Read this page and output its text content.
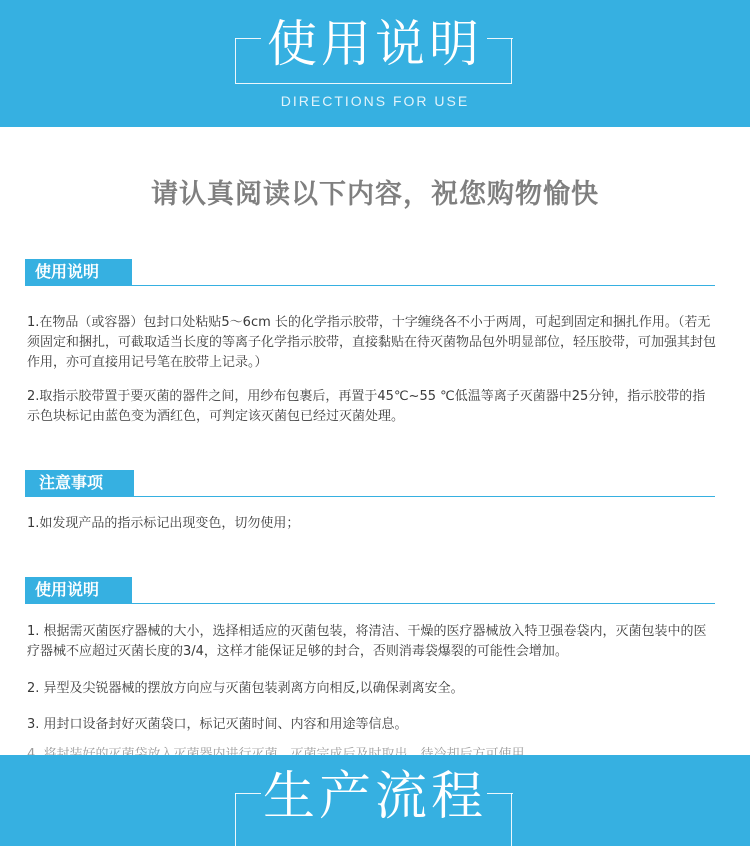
使用说明
DIRECTIONS FOR USE
请认真阅读以下内容，祝您购物愉快
使用说明

1.在物品（或容器）包封口处粘贴5～6cm 长的化学指示胶带，十字缠绕各不小于两周，可起到固定和捆扎作用。（若无须固定和捆扎，可截取适当长度的等离子化学指示胶带，直接黏贴在待灭菌物品包外明显部位，轻压胶带，可加强其封包作用，亦可直接用记号笔在胶带上记录。）

2.取指示胶带置于要灭菌的器件之间，用纱布包裹后，再置于45℃~55 ℃低温等离子灭菌器中25分钟，指示胶带的指示色块标记由蓝色变为酒红色，可判定该灭菌包已经过灭菌处理。

注意事项

1.如发现产品的指示标记出现变色，切勿使用；

使用说明

1. 根据需灭菌医疗器械的大小，选择相适应的灭菌包装，将清洁、干燥的医疗器械放入特卫强卷袋内，灭菌包装中的医疗器械不应超过灭菌长度的3/4，这样才能保证足够的封合，否则消毒袋爆裂的可能性会增加。

2. 异型及尖锐器械的摆放方向应与灭菌包装剥离方向相反,以确保剥离安全。

3. 用封口设备封好灭菌袋口，标记灭菌时间、内容和用途等信息。

生产流程
